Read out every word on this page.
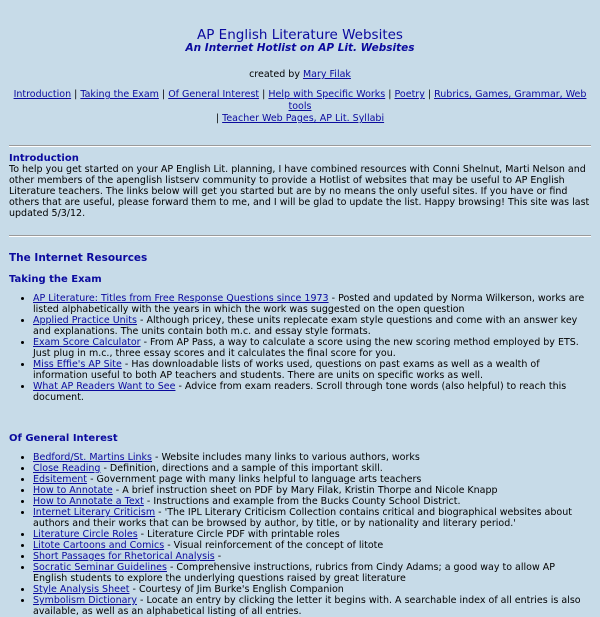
AP English Literature Websites
An Internet Hotlist on AP Lit. Websites
created by Mary Filak
Introduction | Taking the Exam | Of General Interest | Help with Specific Works | Poetry | Rubrics, Games, Grammar, Web tools
| Teacher Web Pages, AP Lit. Syllabi
Introduction

To help you get started on your AP English Lit. planning, I have combined resources with Conni Shelnut, Marti Nelson and other members of the apenglish listserv community to provide a Hotlist of websites that may be useful to AP English Literature teachers. The links below will get you started but are by no means the only useful sites. If you have or find others that are useful, please forward them to me, and I will be glad to update the list. Happy browsing! This site was last updated 5/3/12.

The Internet Resources
Taking the Exam
• AP Literature: Titles from Free Response Questions since 1973 - Posted and updated by Norma Wilkerson, works are listed alphabetically with the years in which the work was suggested on the open question
• Applied Practice Units - Although pricey, these units replecate exam style questions and come with an answer key and explanations. The units contain both m.c. and essay style formats.
• Exam Score Calculator - From AP Pass, a way to calculate a score using the new scoring method employed by ETS. Just plug in m.c., three essay scores and it calculates the final score for you.
• Miss Effie's AP Site - Has downloadable lists of works used, questions on past exams as well as a wealth of information useful to both AP teachers and students. There are units on specific works as well.
• What AP Readers Want to See - Advice from exam readers. Scroll through tone words (also helpful) to reach this document.
Of General Interest
• Bedford/St. Martins Links - Website includes many links to various authors, works
• Close Reading - Definition, directions and a sample of this important skill.
• Edsitement - Government page with many links helpful to language arts teachers
• How to Annotate - A brief instruction sheet on PDF by Mary Filak, Kristin Thorpe and Nicole Knapp
• How to Annotate a Text - Instructions and example from the Bucks County School District.
• Internet Literary Criticism - 'The IPL Literary Criticism Collection contains critical and biographical websites about authors and their works that can be browsed by author, by title, or by nationality and literary period.'
• Literature Circle Roles - Literature Circle PDF with printable roles
• Litote Cartoons and Comics - Visual reinforcement of the concept of litote
• Short Passages for Rhetorical Analysis -
• Socratic Seminar Guidelines - Comprehensive instructions, rubrics from Cindy Adams; a good way to allow AP English students to explore the underlying questions raised by great literature
• Style Analysis Sheet - Courtesy of Jim Burke's English Companion
• Symbolism Dictionary - Locate an entry by clicking the letter it begins with. A searchable index of all entries is also available, as well as an alphabetical listing of all entries.
